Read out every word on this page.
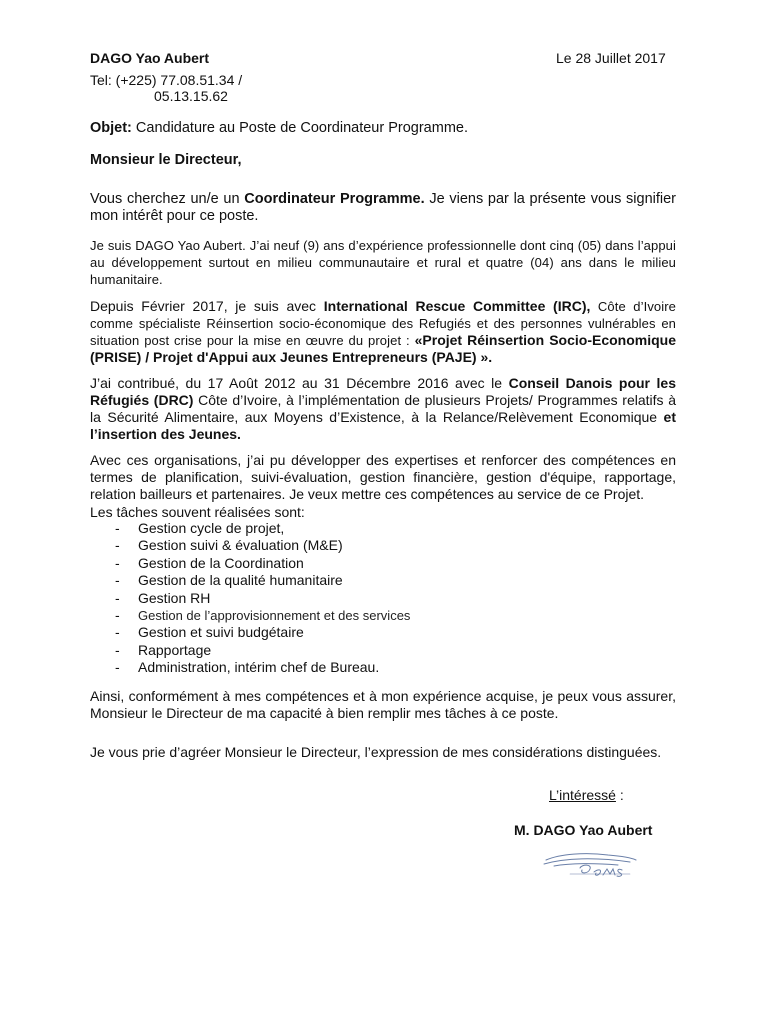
DAGO Yao Aubert	Le 28 Juillet 2017
Tel: (+225) 77.08.51.34 /
05.13.15.62
Objet: Candidature au Poste de Coordinateur Programme.
Monsieur le Directeur,
Vous cherchez un/e un Coordinateur Programme. Je viens par la présente vous signifier mon intérêt pour ce poste.
Je suis DAGO Yao Aubert. J’ai neuf (9) ans d’expérience professionnelle dont cinq (05) dans l’appui au développement surtout en milieu communautaire et rural et quatre (04) ans dans le milieu humanitaire.
Depuis Février 2017, je suis avec International Rescue Committee (IRC), Côte d’Ivoire comme spécialiste Réinsertion socio-économique des Refugiés et des personnes vulnérables en situation post crise pour la mise en œuvre du projet : «Projet Réinsertion Socio-Economique (PRISE) / Projet d'Appui aux Jeunes Entrepreneurs (PAJE) ».
J’ai contribué, du 17 Août 2012 au 31 Décembre 2016 avec le Conseil Danois pour les Réfugiés (DRC) Côte d’Ivoire, à l’implémentation de plusieurs Projets/ Programmes relatifs à la Sécurité Alimentaire, aux Moyens d’Existence, à la Relance/Relèvement Economique et l’insertion des Jeunes.
Avec ces organisations, j’ai pu développer des expertises et renforcer des compétences en termes de planification, suivi-évaluation, gestion financière, gestion d'équipe, rapportage, relation bailleurs et partenaires. Je veux mettre ces compétences au service de ce Projet.
Les tâches souvent réalisées sont:
- Gestion cycle de projet,
- Gestion suivi & évaluation (M&E)
- Gestion de la Coordination
- Gestion de la qualité humanitaire
- Gestion RH
- Gestion de l’approvisionnement et des services
- Gestion et suivi budgétaire
- Rapportage
- Administration, intérim chef de Bureau.
Ainsi, conformément à mes compétences et à mon expérience acquise, je peux vous assurer, Monsieur le Directeur de ma capacité à bien remplir mes tâches à ce poste.
Je vous prie d’agréer Monsieur le Directeur, l’expression de mes considérations distinguées.
L’intéressé :
M. DAGO Yao Aubert
